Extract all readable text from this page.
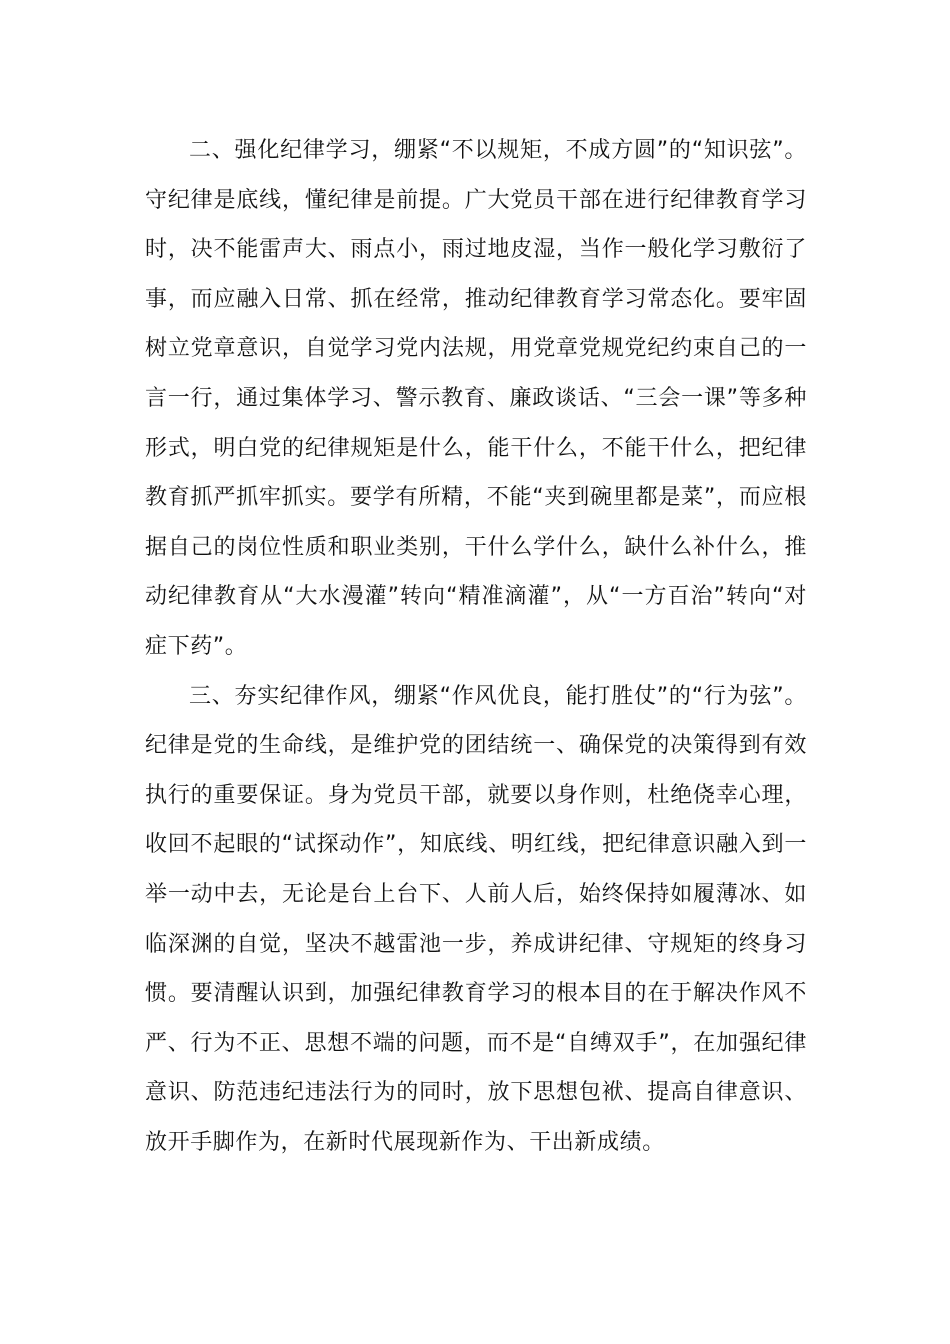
二、强化纪律学习，绷紧“不以规矩，不成方圆”的“知识弦”。守纪律是底线，懂纪律是前提。广大党员干部在进行纪律教育学习时，决不能雷声大、雨点小，雨过地皮湿，当作一般化学习敷衍了事，而应融入日常、抓在经常，推动纪律教育学习常态化。要牢固树立党章意识，自觉学习党内法规，用党章党规党纪约束自己的一言一行，通过集体学习、警示教育、廉政谈话、“三会一课”等多种形式，明白党的纪律规矩是什么，能干什么，不能干什么，把纪律教育抓严抓牢抓实。要学有所精，不能“夹到碗里都是菜”，而应根据自己的岗位性质和职业类别，干什么学什么，缺什么补什么，推动纪律教育从“大水漫灌”转向“精准滴灌”，从“一方百治”转向“对症下药”。

三、夯实纪律作风，绷紧“作风优良，能打胜仗”的“行为弦”。纪律是党的生命线，是维护党的团结统一、确保党的决策得到有效执行的重要保证。身为党员干部，就要以身作则，杜绝侥幸心理，收回不起眼的“试探动作”，知底线、明红线，把纪律意识融入到一举一动中去，无论是台上台下、人前人后，始终保持如履薄冰、如临深渊的自觉，坚决不越雷池一步，养成讲纪律、守规矩的终身习惯。要清醒认识到，加强纪律教育学习的根本目的在于解决作风不严、行为不正、思想不端的问题，而不是“自缚双手”，在加强纪律意识、防范违纪违法行为的同时，放下思想包袱、提高自律意识、放开手脚作为，在新时代展现新作为、干出新成绩。
